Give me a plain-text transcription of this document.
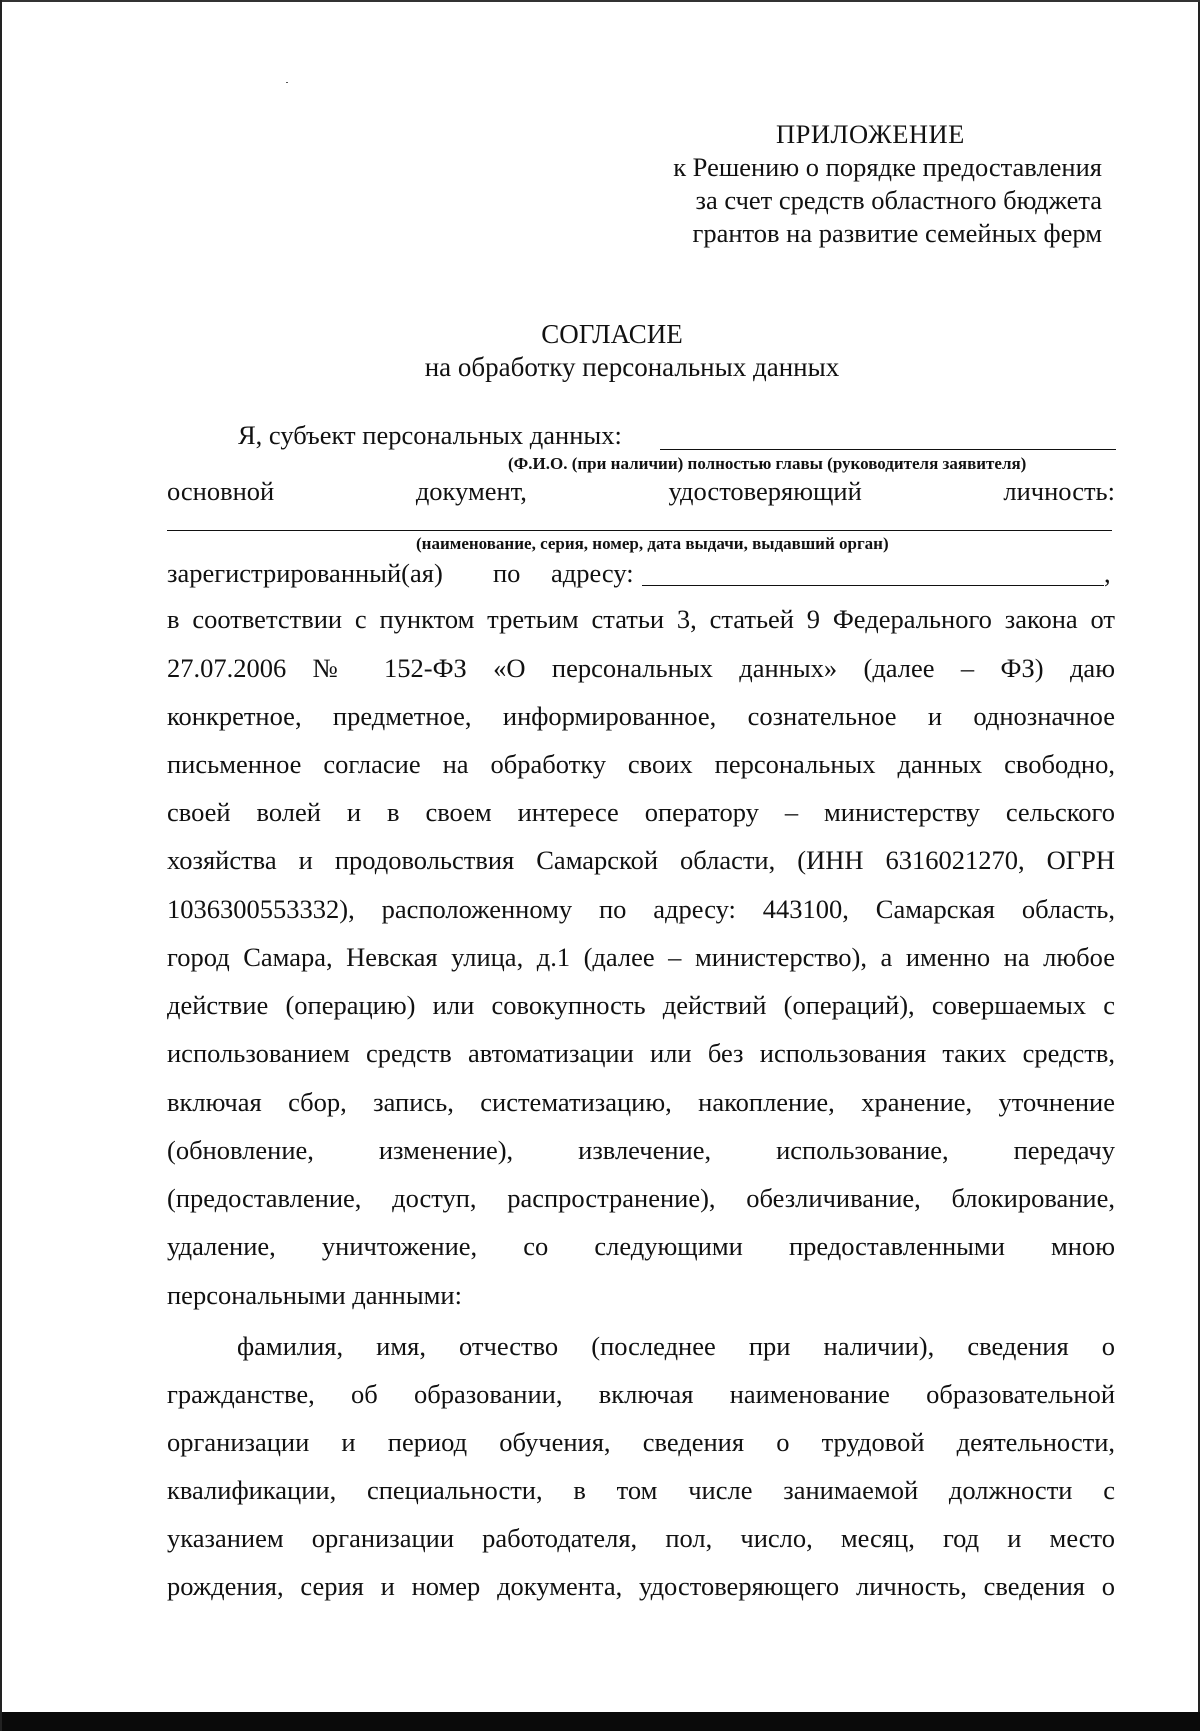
ПРИЛОЖЕНИЕ
к Решению о порядке предоставления
за счет средств областного бюджета
грантов на развитие семейных ферм
СОГЛАСИЕ
на обработку персональных данных
Я, субъект персональных данных:
(Ф.И.О. (при наличии) полностью главы (руководителя заявителя)
основной	документ,	удостоверяющий	личность:
(наименование, серия, номер, дата выдачи, выдавший орган)
зарегистрированный(ая) по адресу:	,
в соответствии с пунктом третьим статьи 3, статьей 9 Федерального закона от
27.07.2006 № 152-ФЗ «О персональных данных» (далее – ФЗ) даю
конкретное, предметное, информированное, сознательное и однозначное
письменное согласие на обработку своих персональных данных свободно,
своей волей и в своем интересе оператору – министерству сельского
хозяйства и продовольствия Самарской области, (ИНН 6316021270, ОГРН
1036300553332), расположенному по адресу: 443100, Самарская область,
город Самара, Невская улица, д.1 (далее – министерство), а именно на любое
действие (операцию) или совокупность действий (операций), совершаемых с
использованием средств автоматизации или без использования таких средств,
включая сбор, запись, систематизацию, накопление, хранение, уточнение
(обновление, изменение), извлечение, использование, передачу
(предоставление, доступ, распространение), обезличивание, блокирование,
удаление, уничтожение, со следующими предоставленными мною
персональными данными:
фамилия, имя, отчество (последнее при наличии), сведения о
гражданстве, об образовании, включая наименование образовательной
организации и период обучения, сведения о трудовой деятельности,
квалификации, специальности, в том числе занимаемой должности с
указанием организации работодателя, пол, число, месяц, год и место
рождения, серия и номер документа, удостоверяющего личность, сведения о
